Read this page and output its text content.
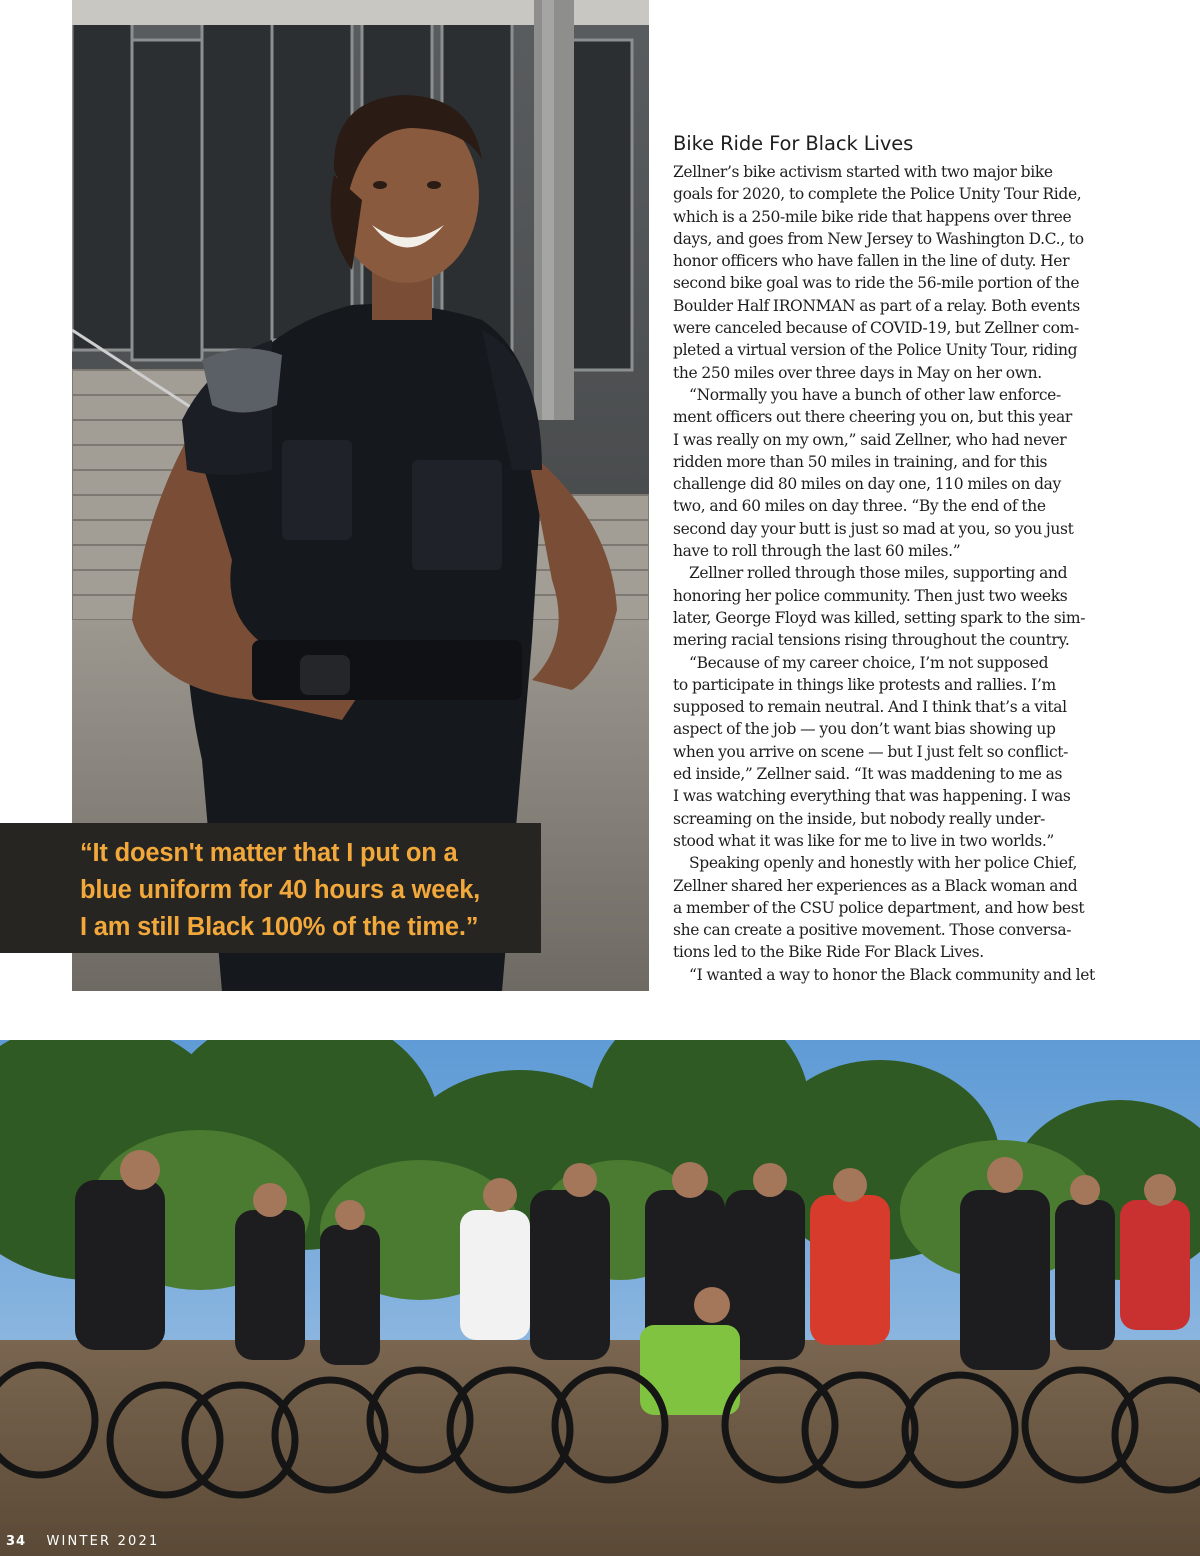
“It doesn't matter that I put on a
blue uniform for 40 hours a week,
I am still Black 100% of the time.”
Bike Ride For Black Lives
Zellner’s bike activism started with two major bike
goals for 2020, to complete the Police Unity Tour Ride,
which is a 250-mile bike ride that happens over three
days, and goes from New Jersey to Washington D.C., to
honor officers who have fallen in the line of duty. Her
second bike goal was to ride the 56-mile portion of the
Boulder Half IRONMAN as part of a relay. Both events
were canceled because of COVID-19, but Zellner com-
pleted a virtual version of the Police Unity Tour, riding
the 250 miles over three days in May on her own.
“Normally you have a bunch of other law enforce-
ment officers out there cheering you on, but this year
I was really on my own,” said Zellner, who had never
ridden more than 50 miles in training, and for this
challenge did 80 miles on day one, 110 miles on day
two, and 60 miles on day three. “By the end of the
second day your butt is just so mad at you, so you just
have to roll through the last 60 miles.”
Zellner rolled through those miles, supporting and
honoring her police community. Then just two weeks
later, George Floyd was killed, setting spark to the sim-
mering racial tensions rising throughout the country.
“Because of my career choice, I’m not supposed
to participate in things like protests and rallies. I’m
supposed to remain neutral. And I think that’s a vital
aspect of the job — you don’t want bias showing up
when you arrive on scene — but I just felt so conflict-
ed inside,” Zellner said. “It was maddening to me as
I was watching everything that was happening. I was
screaming on the inside, but nobody really under-
stood what it was like for me to live in two worlds.”
Speaking openly and honestly with her police Chief,
Zellner shared her experiences as a Black woman and
a member of the CSU police department, and how best
she can create a positive movement. Those conversa-
tions led to the Bike Ride For Black Lives.
“I wanted a way to honor the Black community and let
34 WINTER 2021
